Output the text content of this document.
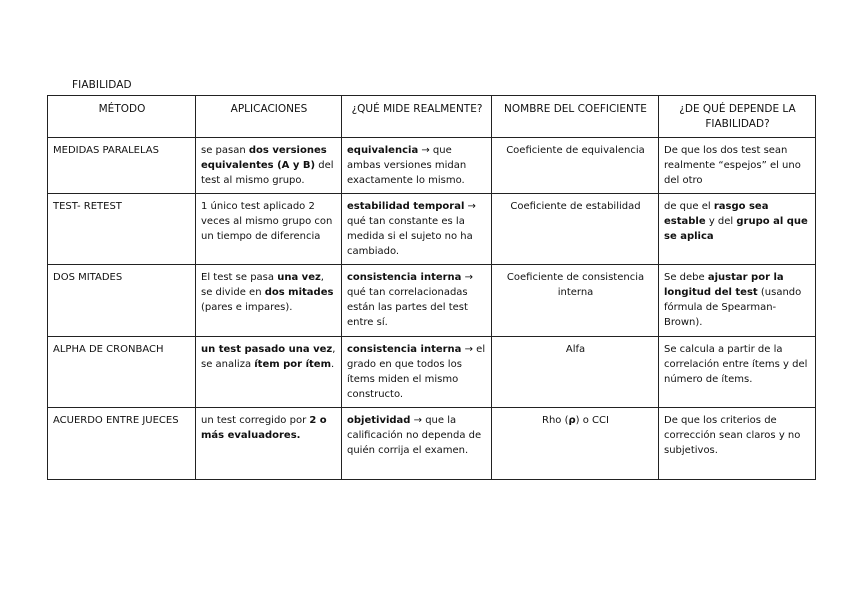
FIABILIDAD
MÉTODO	APLICACIONES	¿QUÉ MIDE REALMENTE?	NOMBRE DEL COEFICIENTE	¿DE QUÉ DEPENDE LA FIABILIDAD?
MEDIDAS PARALELAS	se pasan dos versiones equivalentes (A y B) del test al mismo grupo.	equivalencia → que ambas versiones midan exactamente lo mismo.	Coeficiente de equivalencia	De que los dos test sean realmente “espejos” el uno del otro
TEST- RETEST	1 único test aplicado 2 veces al mismo grupo con un tiempo de diferencia	estabilidad temporal → qué tan constante es la medida si el sujeto no ha cambiado.	Coeficiente de estabilidad	de que el rasgo sea estable y del grupo al que se aplica
DOS MITADES	El test se pasa una vez, se divide en dos mitades (pares e impares).	consistencia interna → qué tan correlacionadas están las partes del test entre sí.	Coeficiente de consistencia interna	Se debe ajustar por la longitud del test (usando fórmula de Spearman-Brown).
ALPHA DE CRONBACH	un test pasado una vez, se analiza ítem por ítem.	consistencia interna → el grado en que todos los ítems miden el mismo constructo.	Alfa	Se calcula a partir de la correlación entre ítems y del número de ítems.
ACUERDO ENTRE JUECES	un test corregido por 2 o más evaluadores.	objetividad → que la calificación no dependa de quién corrija el examen.	Rho (ρ) o CCI	De que los criterios de corrección sean claros y no subjetivos.
